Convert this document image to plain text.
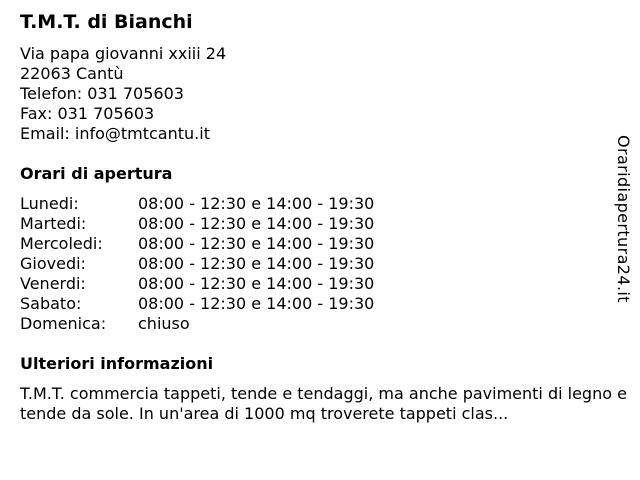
T.M.T. di Bianchi
Via papa giovanni xxiii 24
22063 Cantù
Telefon: 031 705603
Fax: 031 705603
Email: info@tmtcantu.it
Orari di apertura
Lunedi:	08:00 - 12:30 e 14:00 - 19:30
Martedi:	08:00 - 12:30 e 14:00 - 19:30
Mercoledi:	08:00 - 12:30 e 14:00 - 19:30
Giovedi:	08:00 - 12:30 e 14:00 - 19:30
Venerdi:	08:00 - 12:30 e 14:00 - 19:30
Sabato:	08:00 - 12:30 e 14:00 - 19:30
Domenica:	chiuso
Ulteriori informazioni
T.M.T. commercia tappeti, tende e tendaggi, ma anche pavimenti di legno e tende da sole. In un'area di 1000 mq troverete tappeti clas...
Oraridiapertura24.it
